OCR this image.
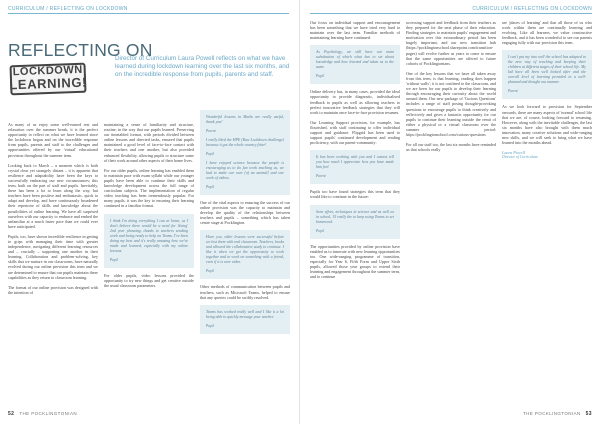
CURRICULUM / REFLECTING ON LOCKDOWN
REFLECTING ON
LOCKDOWN
LEARNING!
Director of Curriculum Laura Powell reflects on what we have learned during lockdown learning over the last six months, and on the incredible response from pupils, parents and staff.

As many of us enjoy some well-earned rest and relaxation over the summer break, it is the perfect opportunity to reflect on what we have learned since the lockdown began and on the incredible response from pupils, parents and staff to the challenges and opportunities offered by our 'virtual' educational provision throughout the summer term.

Looking back to March – a moment which is both crystal clear yet strangely distant – it is apparent that resilience and adaptability have been the keys to successfully embracing our new circumstances; this term, built on the part of staff and pupils. Inevitably, there has been a lot to learn along the way, but teachers have been positive and enthusiastic, quick to adapt and develop, and have continuously broadened their repertoire of skills and knowledge about the possibilities of online learning. We have all surprised ourselves with our capacity to embrace and embed the unfamiliar at a much faster pace than we could ever have anticipated.

Pupils, too, have shown incredible resilience in getting to grips with managing their time with greater independence, navigating different learning resources and – crucially – supporting one another in their learning. Collaboration and problem-solving, key skills that we nurture in our classrooms, have naturally evolved during our online provision this term and we are determined to ensure that our pupils maintain these capabilities as they return to classroom learning.

The format of our online provision was designed with the intention of

maintaining a sense of familiarity and structure, routine, in the way that our pupils learned. Preserving our timetabled format, with periods divided between online lessons and directed tasks, ensured that pupils maintained a good level of face-to-face contact with their teachers and one another, but also provided enhanced flexibility, allowing pupils to structure some of their work around other aspects of their home lives.

For our older pupils, online learning has enabled them to maintain pace with exam syllabi while our younger pupils have been able to continue their skills and knowledge development across the full range of curriculum subjects. The implementation of regular video teaching has been tremendously popular. For many pupils, it was the key to ensuring their learning continued in a familiar format.

I think I'm doing everything I can at home, as I don't believe there would be a need for 'doing' 2nd year planning, thanks to teachers sending work and being ready to help on Teams. I've been doing my best and it's really amazing how we've made and learned, especially with my online lessons.

Pupil

For older pupils, video lessons provided the opportunity to try new things and get creative outside the usual classroom parameters.

Wonderful lessons in Maths are really useful, thank you!

Parent

I really liked the HPE (Raw Lockdown challenge) because it got the whole country fitter!

Pupil

I have enjoyed science because the people is encouraging us to do fun work teaching us, we had to make our own [of an animal] and one week of videos.

Pupil

One of the vital aspects to ensuring the success of our online provision was the capacity to maintain and develop the quality of the relationships between teachers and pupils – something which has taken centre stage at Pocklington.

Have you, older lessons were successful before we lost them with real classroom. Teachers, books and allowed the collaborative study to continue. I like it when we get the opportunity to work together and to work on something with a friend, even if it is over video.

Pupil

Other methods of communication between pupils and teachers, such as Microsoft Teams, helped to ensure that any queries could be swiftly resolved.

Teams has worked really well and I like it a lot being able to quickly message your teacher.

Pupil
52 THE POCKLINGTONIAN
CURRICULUM / REFLECTING ON LOCKDOWN

Our focus on individual support and encouragement has been something that we have tried very hard to maintain over the last term. Familiar methods of maintaining learning have continued.

As Psychology, we still have our main substitution of which what has to set about knowledge and how learned and taken us to the same.

Pupil

Online delivery has, in many cases, provided the ideal opportunity to provide diagnostic, individualised feedback to pupils as well as allowing teachers to perfect innovative feedback strategies that they will work to maintain once face-to-face provision resumes.

Our Learning Support provision, for example, has flourished, with staff continuing to offer individual support and guidance. Flipgrid has been used to support pupils' continued development and reading proficiency, with our parent-community:

It has been working with you and I cannot tell you how much I appreciate how you have made him feel.

Parent

Pupils too have found strategies this term that they would like to continue in the future:

Seen effort, techniques in science and as well as in school, 15 really the to keep using Teams to set homework.

Pupil

The opportunities provided by online provision have enabled us to innovate with new learning opportunities too. One wide-ranging programme of transition, especially for Year 6, Fifth Form and Upper Sixth pupils, allowed those year groups to extend their learning and engagement throughout the summer term, and to continue

accessing support and feedback from their teachers as they prepared for the next phase of their education. Finding strategies to maintain pupils' engagement and motivation over this extraordinary period has been hugely important, and our new transition hub (https://pocklingtonschool.sharepoint.com/transition-pages) will evolve further as years to come to ensure that the same opportunities are offered to future cohorts of Pocklingtonians.

One of the key lessons that we have all taken away from this term, is that learning, reading does happen 'without walls'; it is not confined to the classroom, and we are keen for our pupils to develop their learning through encouraging their curiosity about the world around them. Our new package of 'Curious Questions' includes a range of staff posing thought-provoking questions to encourage pupils to think creatively and reflectively and gives a fantastic opportunity for our pupils to continue their learning outside the remit of either a physical or a virtual classroom over the summer period: https://pocklingtonschool.com/curious-questions

For all our staff too, the last six months have reminded us that schools really

are 'places of learning' and that all those of us who work within them are continually learning and evolving. Like all learners, we value constructive feedback, and it has been wonderful to see our parents engaging fully with our provision this term.

I can't put my into well the school has adapted to the new way of teaching and keeping their children at different stages of their school life. My kid have all been well looked after and the overall level of learning provided in a well-planned and thought out manner.

Parent

As we look forward to provision for September onwards, there are many aspects of 'normal' school life that we are, of course, looking forward to resuming. However, along with the inevitable challenges, the last six months have also brought with them much innovation, many creative solutions and wide-ranging new skills, and we will seek to bring what we have learned into the months ahead.

Laura Powell

Director of Curriculum

THE POCKLINGTONIAN 53
